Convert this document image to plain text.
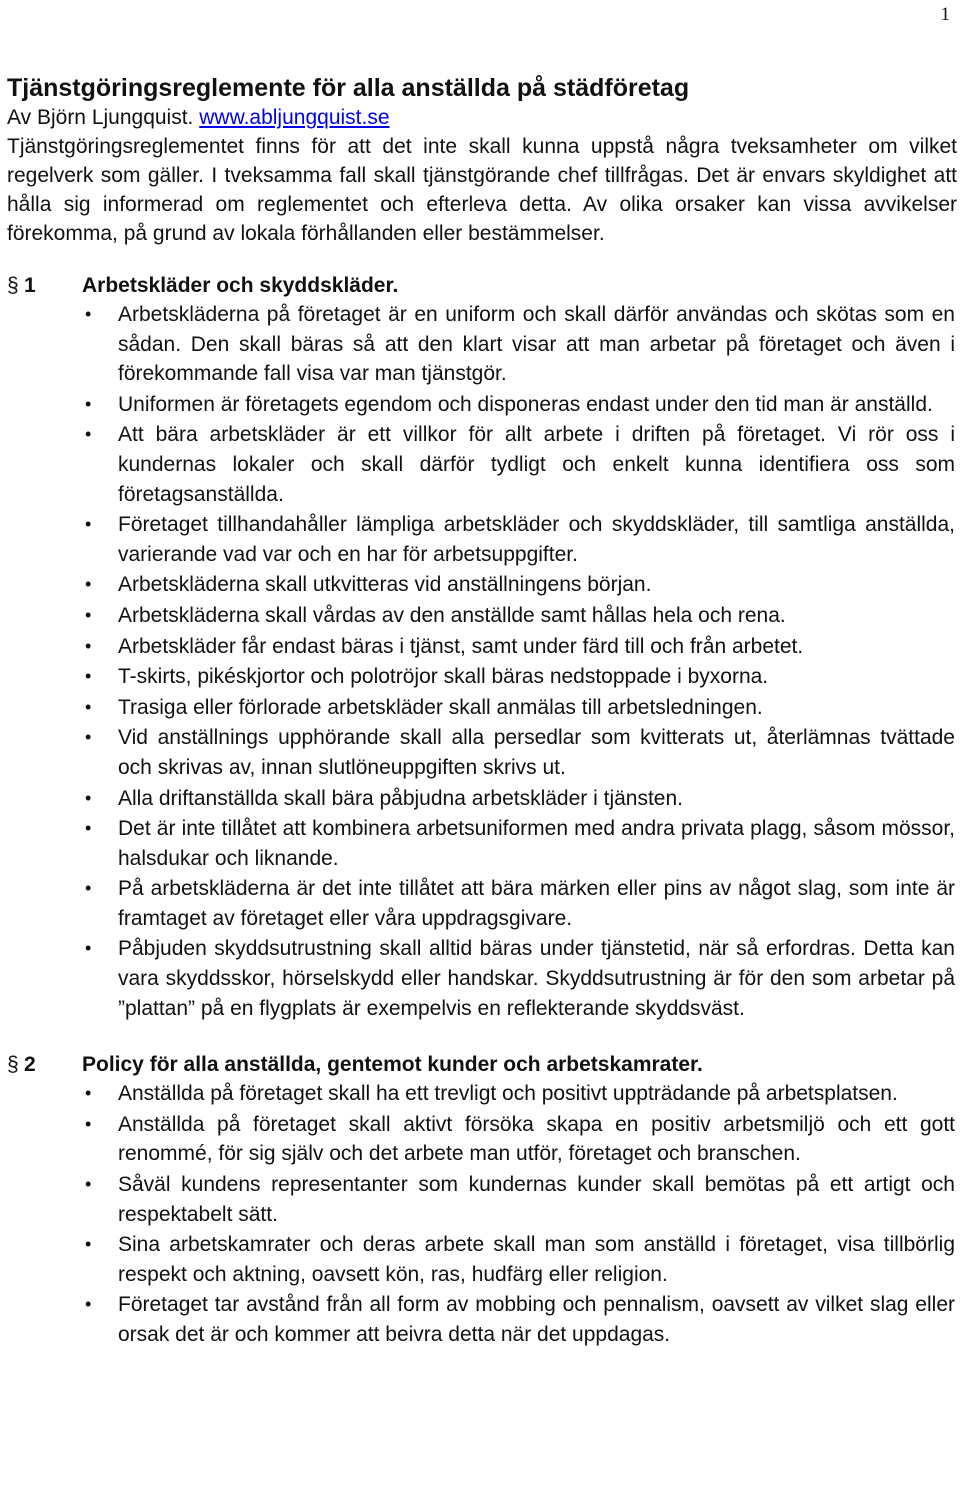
1
Tjänstgöringsreglemente för alla anställda på städföretag

Av Björn Ljungquist. www.abljungquist.se

Tjänstgöringsreglementet finns för att det inte skall kunna uppstå några tveksamheter om vilket regelverk som gäller. I tveksamma fall skall tjänstgörande chef tillfrågas. Det är envars skyldighet att hålla sig informerad om reglementet och efterleva detta. Av olika orsaker kan vissa avvikelser förekomma, på grund av lokala förhållanden eller bestämmelser.

§ 1	Arbetskläder och skyddskläder.
• Arbetskläderna på företaget är en uniform och skall därför användas och skötas som en sådan. Den skall bäras så att den klart visar att man arbetar på företaget och även i förekommande fall visa var man tjänstgör.
• Uniformen är företagets egendom och disponeras endast under den tid man är anställd.
• Att bära arbetskläder är ett villkor för allt arbete i driften på företaget. Vi rör oss i kundernas lokaler och skall därför tydligt och enkelt kunna identifiera oss som företagsanställda.
• Företaget tillhandahåller lämpliga arbetskläder och skyddskläder, till samtliga anställda, varierande vad var och en har för arbetsuppgifter.
• Arbetskläderna skall utkvitteras vid anställningens början.
• Arbetskläderna skall vårdas av den anställde samt hållas hela och rena.
• Arbetskläder får endast bäras i tjänst, samt under färd till och från arbetet.
• T-skirts, pikéskjortor och polotröjor skall bäras nedstoppade i byxorna.
• Trasiga eller förlorade arbetskläder skall anmälas till arbetsledningen.
• Vid anställnings upphörande skall alla persedlar som kvitterats ut, återlämnas tvättade och skrivas av, innan slutlöneuppgiften skrivs ut.
• Alla driftanställda skall bära påbjudna arbetskläder i tjänsten.
• Det är inte tillåtet att kombinera arbetsuniformen med andra privata plagg, såsom mössor, halsdukar och liknande.
• På arbetskläderna är det inte tillåtet att bära märken eller pins av något slag, som inte är framtaget av företaget eller våra uppdragsgivare.
• Påbjuden skyddsutrustning skall alltid bäras under tjänstetid, när så erfordras. Detta kan vara skyddsskor, hörselskydd eller handskar. Skyddsutrustning är för den som arbetar på ”plattan” på en flygplats är exempelvis en reflekterande skyddsväst.
§ 2	Policy för alla anställda, gentemot kunder och arbetskamrater.
• Anställda på företaget skall ha ett trevligt och positivt uppträdande på arbetsplatsen.
• Anställda på företaget skall aktivt försöka skapa en positiv arbetsmiljö och ett gott renommé, för sig själv och det arbete man utför, företaget och branschen.
• Såväl kundens representanter som kundernas kunder skall bemötas på ett artigt och respektabelt sätt.
• Sina arbetskamrater och deras arbete skall man som anställd i företaget, visa tillbörlig respekt och aktning, oavsett kön, ras, hudfärg eller religion.
• Företaget tar avstånd från all form av mobbing och pennalism, oavsett av vilket slag eller orsak det är och kommer att beivra detta när det uppdagas.
